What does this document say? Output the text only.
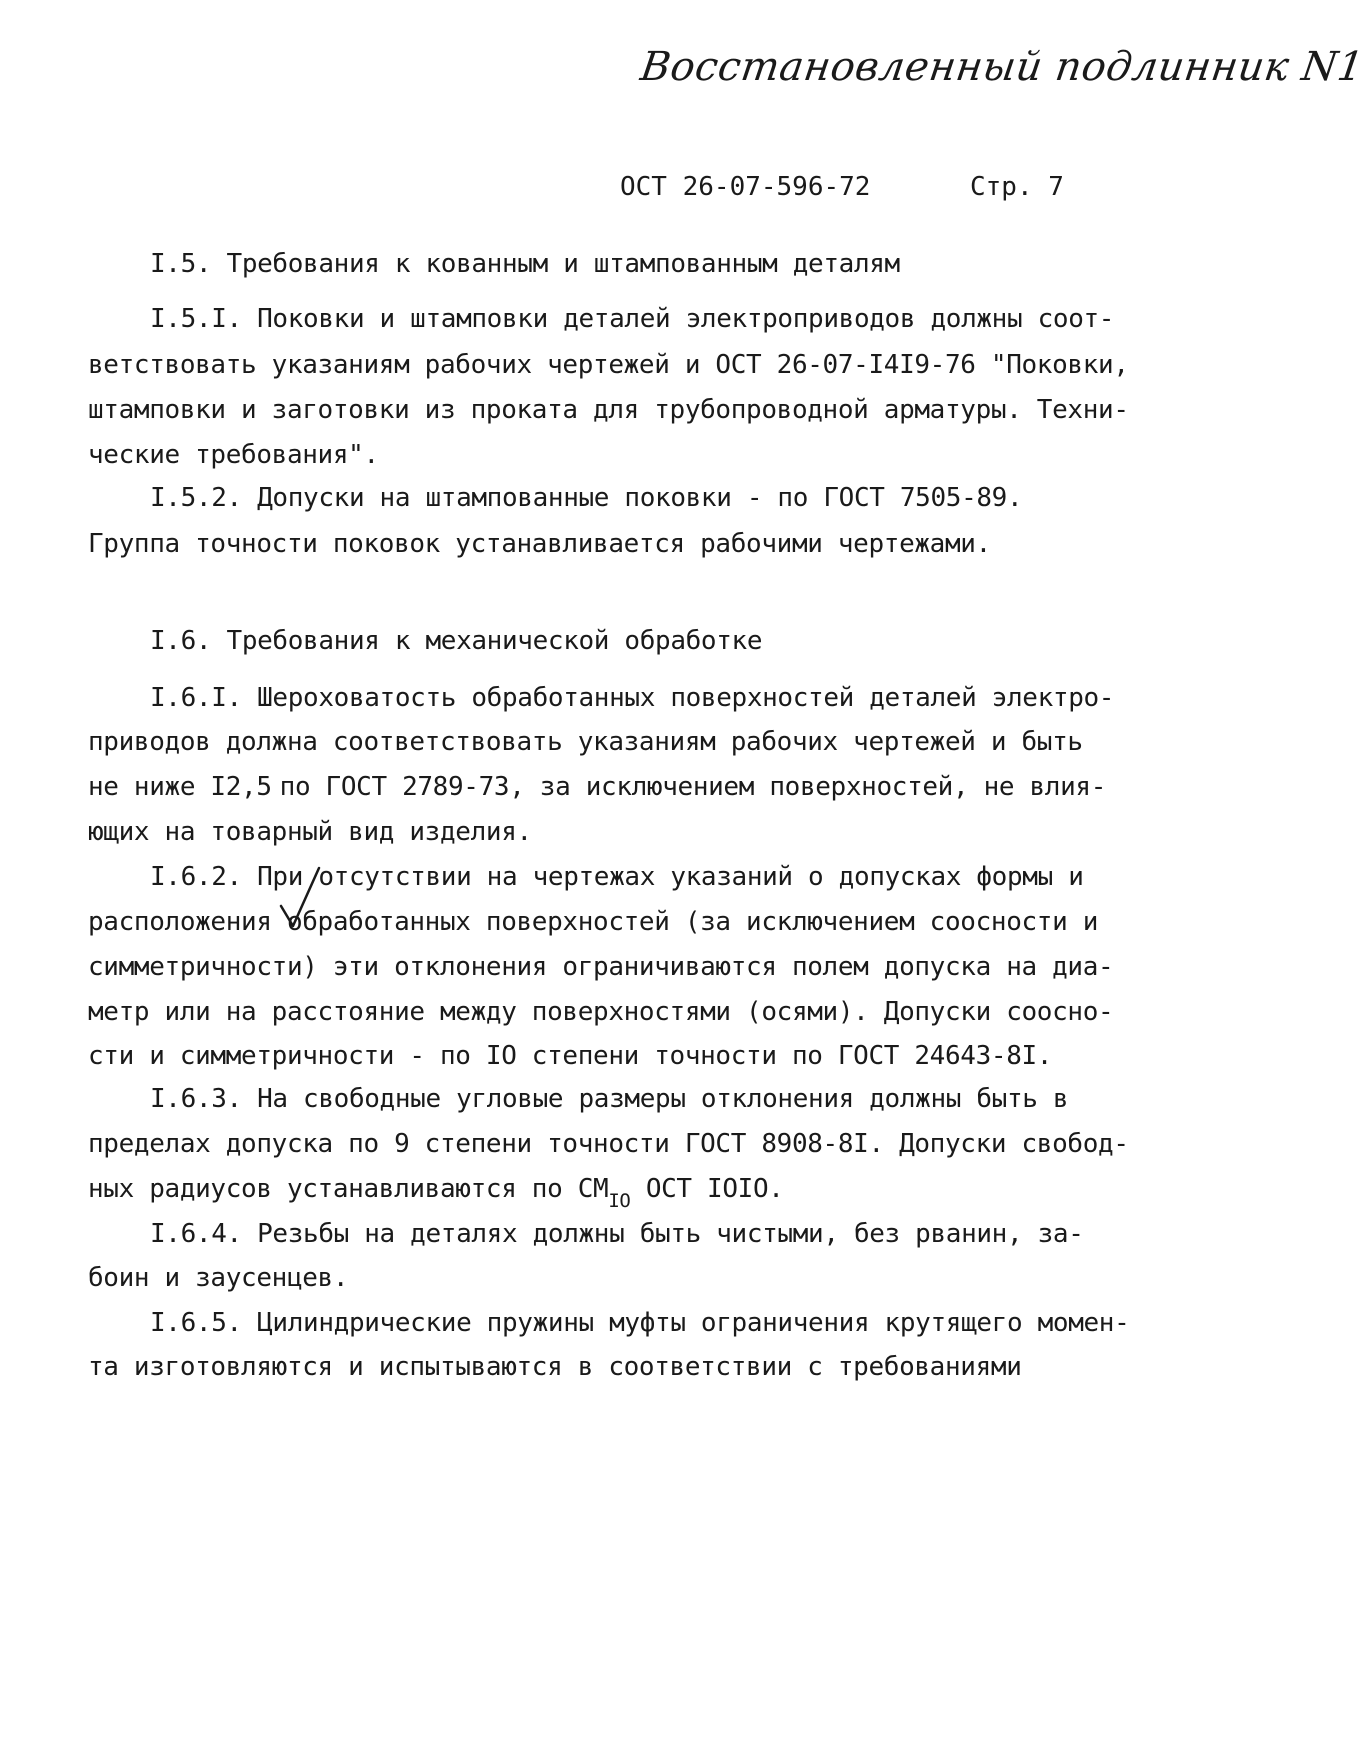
Восстановленный подлинник N1
ОСТ 26-07-596-72	Стр. 7
I.5. Требования к кованным и штампованным деталям
I.5.I. Поковки и штамповки деталей электроприводов должны соот-
ветствовать указаниям рабочих чертежей и ОСТ 26-07-I4I9-76 "Поковки,
штамповки и заготовки из проката для трубопроводной арматуры. Техни-
ческие требования".
I.5.2. Допуски на штампованные поковки - по ГОСТ 7505-89.
Группа точности поковок устанавливается рабочими чертежами.
I.6. Требования к механической обработке
I.6.I. Шероховатость обработанных поверхностей деталей электро-
приводов должна соответствовать указаниям рабочих чертежей и быть
не ниже I2,5 по ГОСТ 2789-73, за исключением поверхностей, не влия-
ющих на товарный вид изделия.
I.6.2. При отсутствии на чертежах указаний о допусках формы и
расположения обработанных поверхностей (за исключением соосности и
симметричности) эти отклонения ограничиваются полем допуска на диа-
метр или на расстояние между поверхностями (осями). Допуски соосно-
сти и симметричности - по IО степени точности по ГОСТ 24643-8I.
I.6.3. На свободные угловые размеры отклонения должны быть в
пределах допуска по 9 степени точности ГОСТ 8908-8I. Допуски свобод-
ных радиусов устанавливаются по $СМ_{IО}$ ОСТ IОIО.
I.6.4. Резьбы на деталях должны быть чистыми, без рванин, за-
боин и заусенцев.
I.6.5. Цилиндрические пружины муфты ограничения крутящего момен-
та изготовляются и испытываются в соответствии с требованиями
